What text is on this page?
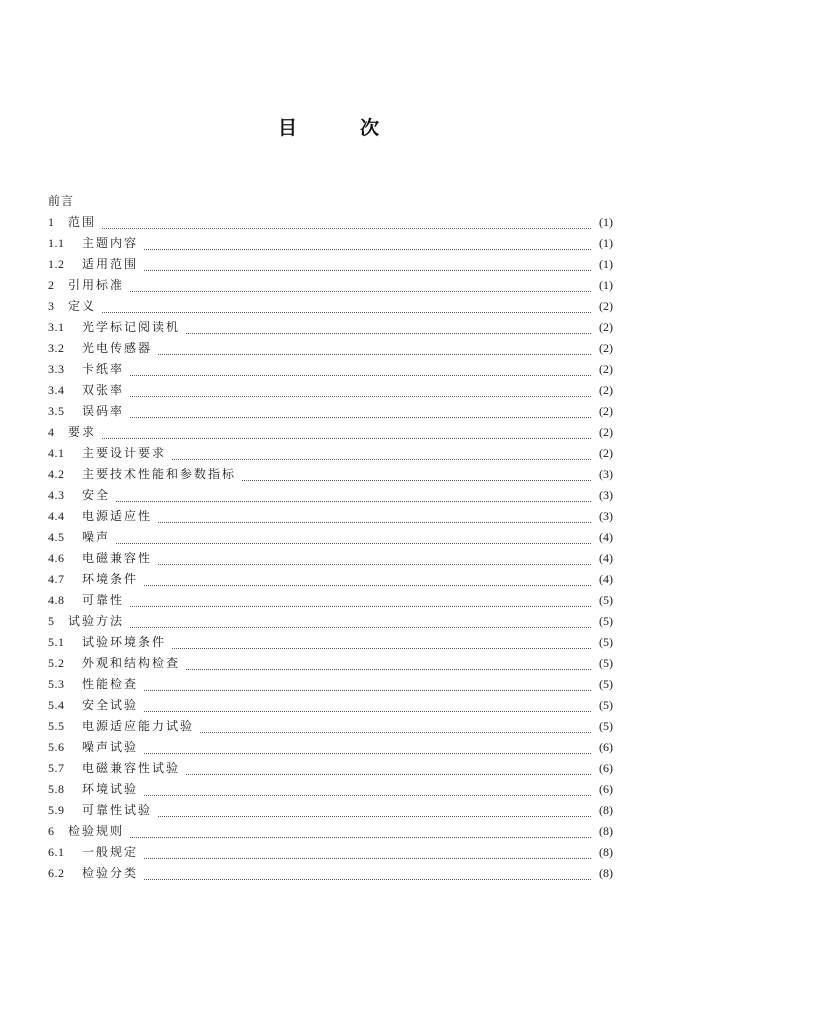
目	次
前言
1	范围	(1)
1.1	主题内容	(1)
1.2	适用范围	(1)
2	引用标准	(1)
3	定义	(2)
3.1	光学标记阅读机	(2)
3.2	光电传感器	(2)
3.3	卡纸率	(2)
3.4	双张率	(2)
3.5	误码率	(2)
4	要求	(2)
4.1	主要设计要求	(2)
4.2	主要技术性能和参数指标	(3)
4.3	安全	(3)
4.4	电源适应性	(3)
4.5	噪声	(4)
4.6	电磁兼容性	(4)
4.7	环境条件	(4)
4.8	可靠性	(5)
5	试验方法	(5)
5.1	试验环境条件	(5)
5.2	外观和结构检查	(5)
5.3	性能检查	(5)
5.4	安全试验	(5)
5.5	电源适应能力试验	(5)
5.6	噪声试验	(6)
5.7	电磁兼容性试验	(6)
5.8	环境试验	(6)
5.9	可靠性试验	(8)
6	检验规则	(8)
6.1	一般规定	(8)
6.2	检验分类	(8)
